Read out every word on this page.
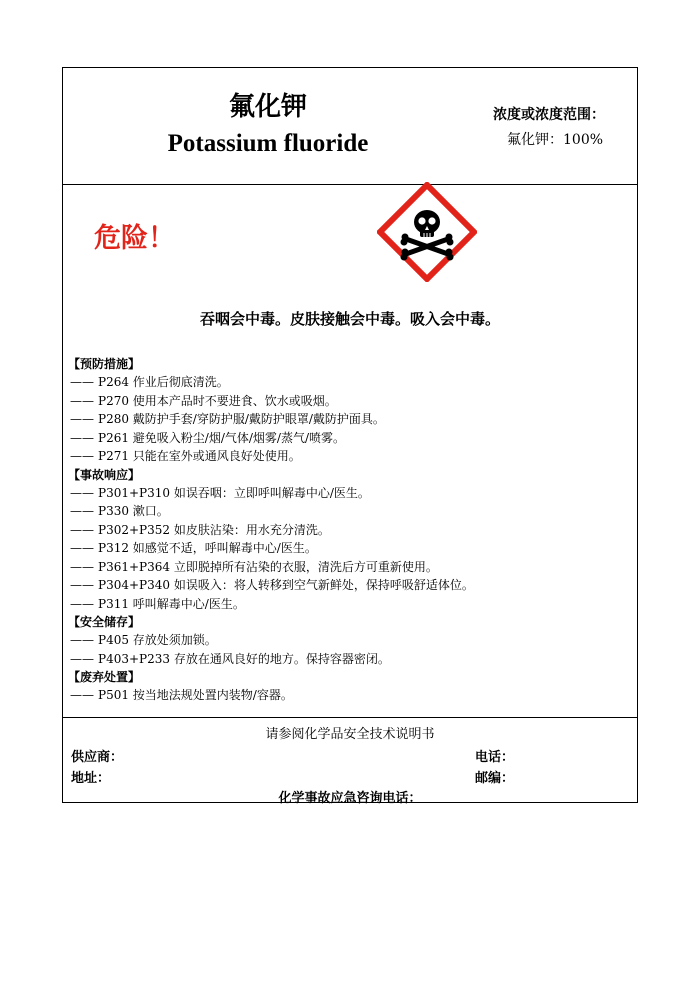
氟化钾
Potassium fluoride
浓度或浓度范围：
氟化钾：100%
危险！
吞咽会中毒。皮肤接触会中毒。吸入会中毒。
【预防措施】
—— P264 作业后彻底清洗。
—— P270 使用本产品时不要进食、饮水或吸烟。
—— P280 戴防护手套/穿防护服/戴防护眼罩/戴防护面具。
—— P261 避免吸入粉尘/烟/气体/烟雾/蒸气/喷雾。
—— P271 只能在室外或通风良好处使用。
【事故响应】
—— P301+P310 如误吞咽：立即呼叫解毒中心/医生。
—— P330 漱口。
—— P302+P352 如皮肤沾染：用水充分清洗。
—— P312 如感觉不适，呼叫解毒中心/医生。
—— P361+P364 立即脱掉所有沾染的衣服，清洗后方可重新使用。
—— P304+P340 如误吸入：将人转移到空气新鲜处，保持呼吸舒适体位。
—— P311 呼叫解毒中心/医生。
【安全储存】
—— P405 存放处须加锁。
—— P403+P233 存放在通风良好的地方。保持容器密闭。
【废弃处置】
—— P501 按当地法规处置内装物/容器。
请参阅化学品安全技术说明书
供应商：	电话：
地址：	邮编：
化学事故应急咨询电话：
